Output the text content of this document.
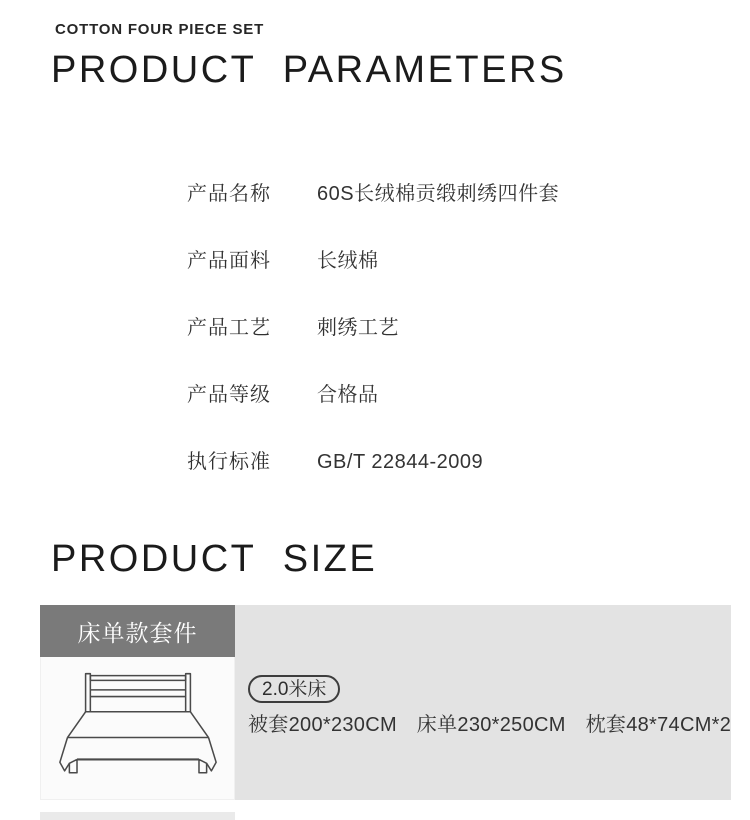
COTTON FOUR PIECE SET
PRODUCT PARAMETERS
产品名称	60S长绒棉贡缎刺绣四件套
产品面料	长绒棉
产品工艺	刺绣工艺
产品等级	合格品
执行标准	GB/T 22844-2009
PRODUCT SIZE
床单款套件
2.0米床
被套200*230CM 床单230*250CM 枕套48*74CM*2
